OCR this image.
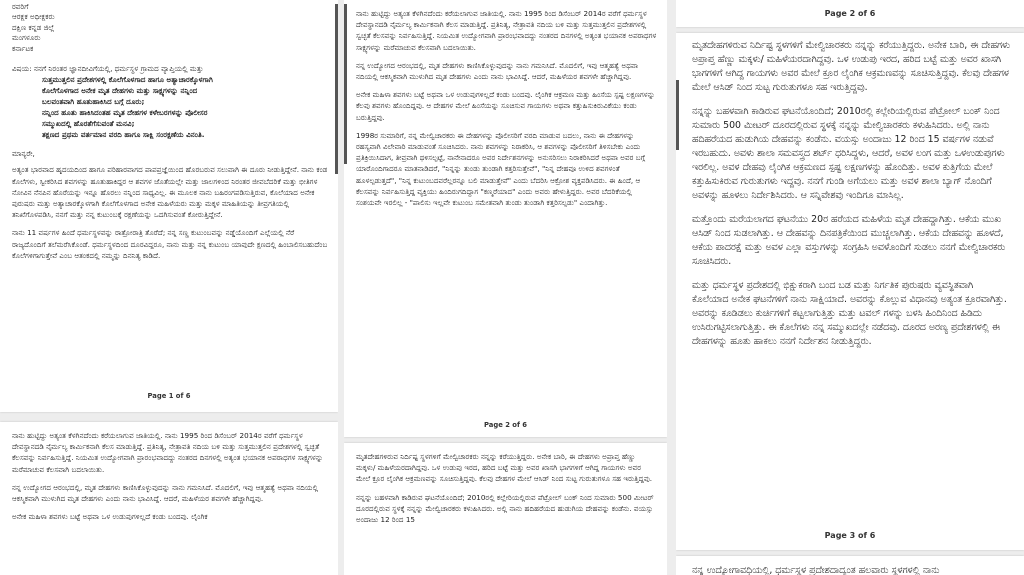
ರವರಿಗೆ
ಆರಕ್ಷಕ ಅಧೀಕ್ಷಕರು
ದಕ್ಷಿಣ ಕನ್ನಡ ಜಿಲ್ಲೆ
ಮಂಗಳೂರು
ಕರ್ನಾಟಕ
ವಿಷಯ: ನನಗೆ ನಿರಂತರ ಜ್ಞಾನದೀವಿಗೆಯಲ್ಲಿ, ಧರ್ಮಸ್ಥಳ ಗ್ರಾಮದ ವ್ಯಾಪ್ತಿಯಲ್ಲಿ ಮತ್ತು
ಸುತ್ತಮುತ್ತಲಿನ ಪ್ರದೇಶಗಳಲ್ಲಿ ಕೊಲೆಗೊಳಗಾದ ಹಾಗೂ ಅತ್ಯಾಚಾರಕ್ಕೊಳಗಾಗಿ
ಕೊಲೆಗೊಳಗಾದ ಅನೇಕ ಮೃತ ದೇಹಗಳು ಮತ್ತು ಸಾಕ್ಷ್ಯಗಳನ್ನು ನನ್ನಿಂದ
ಬಲವಂತವಾಗಿ ಹೂತುಹಾಕಿಸಿದ ಬಗ್ಗೆ ದೂರು;
ನನ್ನಿಂದ ಹೂತು ಹಾಕಿಸಿದಂತಹ ಮೃತ ದೇಹಗಳ ಕಳೇಬರಗಳನ್ನು ಪೊಲೀಸರ
ಸಮ್ಮುಖದಲ್ಲಿ ಹೊರತೆಗೆಸುವಂತೆ ಮನವಿ;
ತಕ್ಷಣದ ಪ್ರಥಮ ವರ್ತಮಾನ ವರದಿ ಹಾಗೂ ಸಾಕ್ಷಿ ಸಂರಕ್ಷಣೆಯ ವಿನಂತಿ.
ಮಾನ್ಯರೇ,

ಅತ್ಯಂತ ಭಾರವಾದ ಹೃದಯದಿಂದ ಹಾಗೂ ಪರಿಹಾರವಾಗದ ಪಾಪಪ್ರಜ್ಞೆಯಿಂದ ಹೊರಬರುವ ಸಲುವಾಗಿ ಈ ದೂರು ನೀಡುತ್ತಿದ್ದೇನೆ. ನಾನು ಕಂಡ ಕೊಲೆಗಳು, ಸ್ವೀಕರಿಸಿದ ಶವಗಳನ್ನು ಹೂತುಹಾಕಿದ್ದರ ಆ ಶವಗಳ ಜೊತೆಯಲ್ಲೇ ಮತ್ತು ಜಾಲಗಳಿಂದ ನಿರಂತರ ಜೀವಬೆದರಿಕೆ ಮತ್ತು ಭೀತಿಗಳ ನೋವಿನ ನೆನಪಿನ ಹೊರೆಯನ್ನು ಇನ್ನೂ ಹೊರಲು ನನ್ನಿಂದ ಸಾಧ್ಯವಿಲ್ಲ. ಈ ಮೂಲಕ ನಾನು ಬಹಿರಂಗಪಡಿಸುತ್ತಿರುವ, ಕೊಲೆಯಾದ ಅನೇಕ ಪುರುಷರು ಮತ್ತು ಅತ್ಯಾಚಾರಕ್ಕೊಳಗಾಗಿ ಕೊಲೆಗೊಳಗಾದ ಅನೇಕ ಮಹಿಳೆಯರು ಮತ್ತು ಮಕ್ಕಳ ಮಾಹಿತಿಯನ್ನು ತೀವ್ರಗತಿಯಲ್ಲಿ ತನಿಖೆಗೊಳಪಡಿಸಿ, ನನಗೆ ಮತ್ತು ನನ್ನ ಕುಟುಂಬಕ್ಕೆ ರಕ್ಷಣೆಯನ್ನು ಒದಗಿಸುವಂತೆ ಕೋರುತ್ತಿದ್ದೇನೆ.

ನಾನು 11 ವರ್ಷಗಳ ಹಿಂದೆ ಧರ್ಮಸ್ಥಳವನ್ನು ರಾತ್ರೋರಾತ್ರಿ ತೊರೆದೆ; ನನ್ನ ಸಣ್ಣ ಕುಟುಂಬವನ್ನು ನಡ್ಡೆಯೊಂದಿಗೆ ಎಲ್ಲೆಯಲ್ಲಿ ನೆರೆ ರಾಜ್ಯದೊಂದಿಗೆ ತಲೆಮರೆಸಿಕೊಂಡೆ. ಧರ್ಮಸ್ಥಳದಿಂದ ದೂರವಿದ್ದರೂ, ನಾನು ಮತ್ತು ನನ್ನ ಕುಟುಂಬ ಯಾವುದೇ ಕ್ಷಣದಲ್ಲಿ ಹಿಂಬಾಲಿಸಬಹುದೆಂಬ ಕೊಲೆಗಳಿಗಾಗುತ್ತೇವೆ ಎಂಬ ಆತಂಕದಲ್ಲಿ ನಮ್ಮನ್ನು ದಿನನಿತ್ಯ ಕಾಡಿದೆ.

Page 1 of 6

ನಾನು ಹುಟ್ಟಿದ್ದು ಅತ್ಯಂತ ಕೆಳಗಿನದೆಂದು ಕರೆಯಲಾಗುವ ಜಾತಿಯಲ್ಲಿ. ನಾನು 1995 ರಿಂದ ಡಿಸೆಂಬರ್ 2014ರ ವರೆಗೆ ಧರ್ಮಸ್ಥಳ ದೇವಸ್ಥಾನದಡಿ ನೈರ್ಮಲ್ಯ ಕಾರ್ಮಿಕನಾಗಿ ಕೆಲಸ ಮಾಡುತ್ತಿದ್ದೆ. ಪ್ರತಿನಿತ್ಯ, ನೇತ್ರಾವತಿ ನದಿಯ ಬಳಿ ಮತ್ತು ಸುತ್ತಮುತ್ತಲಿನ ಪ್ರದೇಶಗಳಲ್ಲಿ ಸ್ವಚ್ಛತೆ ಕೆಲಸವನ್ನು ನಿರ್ವಹಿಸುತ್ತಿದ್ದೆ. ನಿಯಮಿತ ಉದ್ಯೋಗವಾಗಿ ಪ್ರಾರಂಭವಾದದ್ದು ನಂತರದ ದಿನಗಳಲ್ಲಿ ಅತ್ಯಂತ ಭಯಾನಕ ಅಪರಾಧಗಳ ಸಾಕ್ಷ್ಯಗಳನ್ನು ಮರೆಮಾಚುವ ಕೆಲಸವಾಗಿ ಬದಲಾಯಿತು.

ನನ್ನ ಉದ್ಯೋಗದ ಆರಂಭದಲ್ಲಿ, ಮೃತ ದೇಹಗಳು ಕಾಣಿಸಿಕೊಳ್ಳುವುದನ್ನು ನಾನು ಗಮನಿಸಿದೆ. ಮೊದಲಿಗೆ, ಇವು ಆತ್ಮಹತ್ಯೆ ಅಥವಾ ನದಿಯಲ್ಲಿ ಆಕಸ್ಮಿಕವಾಗಿ ಮುಳುಗಿದ ಮೃತ ದೇಹಗಳು ಎಂದು ನಾನು ಭಾವಿಸಿದ್ದೆ. ಆದರೆ, ಮಹಿಳೆಯರ ಶವಗಳೇ ಹೆಚ್ಚಾಗಿದ್ದವು.

ಅನೇಕ ಮಹಿಳಾ ಶವಗಳು ಬಟ್ಟೆ ಅಥವಾ ಒಳ ಉಡುಪುಗಳಿಲ್ಲದೆ ಕಂಡು ಬಂದವು. ಲೈಂಗಿಕ

ನಾನು ಹುಟ್ಟಿದ್ದು ಅತ್ಯಂತ ಕೆಳಗಿನದೆಂದು ಕರೆಯಲಾಗುವ ಜಾತಿಯಲ್ಲಿ. ನಾನು 1995 ರಿಂದ ಡಿಸೆಂಬರ್ 2014ರ ವರೆಗೆ ಧರ್ಮಸ್ಥಳ ದೇವಸ್ಥಾನದಡಿ ನೈರ್ಮಲ್ಯ ಕಾರ್ಮಿಕನಾಗಿ ಕೆಲಸ ಮಾಡುತ್ತಿದ್ದೆ. ಪ್ರತಿನಿತ್ಯ, ನೇತ್ರಾವತಿ ನದಿಯ ಬಳಿ ಮತ್ತು ಸುತ್ತಮುತ್ತಲಿನ ಪ್ರದೇಶಗಳಲ್ಲಿ ಸ್ವಚ್ಛತೆ ಕೆಲಸವನ್ನು ನಿರ್ವಹಿಸುತ್ತಿದ್ದೆ. ನಿಯಮಿತ ಉದ್ಯೋಗವಾಗಿ ಪ್ರಾರಂಭವಾದದ್ದು ನಂತರದ ದಿನಗಳಲ್ಲಿ ಅತ್ಯಂತ ಭಯಾನಕ ಅಪರಾಧಗಳ ಸಾಕ್ಷ್ಯಗಳನ್ನು ಮರೆಮಾಚುವ ಕೆಲಸವಾಗಿ ಬದಲಾಯಿತು.

ನನ್ನ ಉದ್ಯೋಗದ ಆರಂಭದಲ್ಲಿ, ಮೃತ ದೇಹಗಳು ಕಾಣಿಸಿಕೊಳ್ಳುವುದನ್ನು ನಾನು ಗಮನಿಸಿದೆ. ಮೊದಲಿಗೆ, ಇವು ಆತ್ಮಹತ್ಯೆ ಅಥವಾ ನದಿಯಲ್ಲಿ ಆಕಸ್ಮಿಕವಾಗಿ ಮುಳುಗಿದ ಮೃತ ದೇಹಗಳು ಎಂದು ನಾನು ಭಾವಿಸಿದ್ದೆ. ಆದರೆ, ಮಹಿಳೆಯರ ಶವಗಳೇ ಹೆಚ್ಚಾಗಿದ್ದವು.

ಅನೇಕ ಮಹಿಳಾ ಶವಗಳು ಬಟ್ಟೆ ಅಥವಾ ಒಳ ಉಡುಪುಗಳಿಲ್ಲದೆ ಕಂಡು ಬಂದವು. ಲೈಂಗಿಕ ಆಕ್ರಮಣ ಮತ್ತು ಹಿಂಸೆಯ ಸ್ಪಷ್ಟ ಲಕ್ಷಣಗಳನ್ನು ಕೆಲವು ಶವಗಳು ಹೊಂದಿದ್ದವು. ಆ ದೇಹಗಳ ಮೇಲೆ ಹಿಂಸೆಯನ್ನು ಸೂಚಿಸುವ ಗಾಯಗಳು ಅಥವಾ ಕತ್ತುಹಿಸುಕಿರುವಿಕೆಯು ಕಂಡು ಬರುತ್ತಿದ್ದವು.

1998ರ ಸುಮಾರಿಗೆ, ನನ್ನ ಮೇಲ್ವಿಚಾರಕರು ಈ ದೇಹಗಳನ್ನು ಪೊಲೀಸರಿಗೆ ವರದಿ ಮಾಡುವ ಬದಲು, ನಾನು ಈ ದೇಹಗಳನ್ನು ರಹಸ್ಯವಾಗಿ ವಿಲೇವಾರಿ ಮಾಡುವಂತೆ ಸೂಚಿಸಿದರು. ನಾನು ಶವಗಳನ್ನು ನಿರಾಕರಿಸಿ, ಆ ಶವಗಳನ್ನು ಪೊಲೀಸರಿಗೆ ತಿಳಿಸಬೇಕು ಎಂದು ಪ್ರತಿಕ್ರಿಯಿಸಿದಾಗ, ತೀವ್ರವಾಗಿ ಥಳಿಸಲ್ಪಟ್ಟೆ, ನಾನೇನಾದರೂ ಅವರ ನಿರ್ದೇಶನಗಳನ್ನು ಅನುಸರಿಸಲು ನಿರಾಕರಿಸಿದರೆ ಅಥವಾ ಅವರ ಬಗ್ಗೆ ಯಾರೊಂದಿಗಾದರೂ ಮಾತನಾಡಿದರೆ, "ನಿನ್ನನ್ನು ತುಂಡು ತುಂಡಾಗಿ ಕತ್ತರಿಸುತ್ತೇವೆ", "ನಿನ್ನ ದೇಹವೂ ಉಳಿದ ಶವಗಳಂತೆ ಹೂಳಲ್ಪಡುತ್ತದೆ", "ನಿನ್ನ ಕುಟುಂಬದವರೆಲ್ಲರನ್ನೂ ಬಲಿ ಮಾಡುತ್ತೇವೆ" ಎಂದು ಬೆದರಿಸಿ ಆಕ್ರೋಶ ವ್ಯಕ್ತಪಡಿಸಿದರು. ಈ ಹಿಂದೆ, ಆ ಕೆಲಸವನ್ನು ನಿರ್ವಹಿಸುತ್ತಿದ್ದ ವ್ಯಕ್ತಿಯು ಹಿಂದಿರುಗದಿದ್ದಾಗ "ಕಣ್ಮರೆಯಾದ" ಎಂದು ಅವರು ಹೇಳುತ್ತಿದ್ದರು. ಅವರ ಬೆದರಿಕೆಯಲ್ಲಿ ಸಂಶಯವೇ ಇರಲಿಲ್ಲ - "ಪಾಲಿಸು ಇಲ್ಲವೇ ಕುಟುಂಬ ಸಮೇತವಾಗಿ ತುಂಡು ತುಂಡಾಗಿ ಕತ್ತರಿಸಲ್ಪಡು" ಎಂದಾಗಿತ್ತು.

Page 2 of 6

ಮೃತದೇಹಗಳಿರುವ ನಿರ್ದಿಷ್ಟ ಸ್ಥಳಗಳಿಗೆ ಮೇಲ್ವಿಚಾರಕರು ನನ್ನನ್ನು ಕರೆಯುತ್ತಿದ್ದರು. ಅನೇಕ ಬಾರಿ, ಈ ದೇಹಗಳು ಅಪ್ರಾಪ್ತ ಹೆಣ್ಣು ಮಕ್ಕಳು/ ಮಹಿಳೆಯರದಾಗಿದ್ದವು. ಒಳ ಉಡುಪು ಇರದ, ಹರಿದ ಬಟ್ಟೆ ಮತ್ತು ಅವರ ಖಾಸಗಿ ಭಾಗಗಳಿಗೆ ಆಗಿದ್ದ ಗಾಯಗಳು ಅವರ ಮೇಲೆ ಕ್ರೂರ ಲೈಂಗಿಕ ಆಕ್ರಮಣವನ್ನು ಸೂಚಿಸುತ್ತಿದ್ದವು. ಕೆಲವು ದೇಹಗಳ ಮೇಲೆ ಆಸಿಡ್ ನಿಂದ ಸುಟ್ಟ ಗುರುತುಗಳೂ ಸಹ ಇರುತ್ತಿದ್ದವು.

ನನ್ನನ್ನು ಬಹಳವಾಗಿ ಕಾಡಿರುವ ಘಟನೆಯೊಂದಿದೆ; 2010ರಲ್ಲಿ ಕಲ್ಲೇರಿಯಲ್ಲಿರುವ ಪೆಟ್ರೋಲ್ ಬಂಕ್ ನಿಂದ ಸುಮಾರು 500 ಮೀಟರ್ ದೂರದಲ್ಲಿರುವ ಸ್ಥಳಕ್ಕೆ ನನ್ನನ್ನು ಮೇಲ್ವಿಚಾರಕರು ಕಳುಹಿಸಿದರು. ಅಲ್ಲಿ ನಾನು ಹದಿಹರೆಯದ ಹುಡುಗಿಯ ದೇಹವನ್ನು ಕಂಡೆನು. ವಯಸ್ಸು ಅಂದಾಜು 12 ರಿಂದ 15

Page 2 of 6

ಮೃತದೇಹಗಳಿರುವ ನಿರ್ದಿಷ್ಟ ಸ್ಥಳಗಳಿಗೆ ಮೇಲ್ವಿಚಾರಕರು ನನ್ನನ್ನು ಕರೆಯುತ್ತಿದ್ದರು. ಅನೇಕ ಬಾರಿ, ಈ ದೇಹಗಳು ಅಪ್ರಾಪ್ತ ಹೆಣ್ಣು ಮಕ್ಕಳು/ ಮಹಿಳೆಯರದಾಗಿದ್ದವು. ಒಳ ಉಡುಪು ಇರದ, ಹರಿದ ಬಟ್ಟೆ ಮತ್ತು ಅವರ ಖಾಸಗಿ ಭಾಗಗಳಿಗೆ ಆಗಿದ್ದ ಗಾಯಗಳು ಅವರ ಮೇಲೆ ಕ್ರೂರ ಲೈಂಗಿಕ ಆಕ್ರಮಣವನ್ನು ಸೂಚಿಸುತ್ತಿದ್ದವು. ಕೆಲವು ದೇಹಗಳ ಮೇಲೆ ಆಸಿಡ್ ನಿಂದ ಸುಟ್ಟ ಗುರುತುಗಳೂ ಸಹ ಇರುತ್ತಿದ್ದವು.

ನನ್ನನ್ನು ಬಹಳವಾಗಿ ಕಾಡಿರುವ ಘಟನೆಯೊಂದಿದೆ; 2010ರಲ್ಲಿ ಕಲ್ಲೇರಿಯಲ್ಲಿರುವ ಪೆಟ್ರೋಲ್ ಬಂಕ್ ನಿಂದ ಸುಮಾರು 500 ಮೀಟರ್ ದೂರದಲ್ಲಿರುವ ಸ್ಥಳಕ್ಕೆ ನನ್ನನ್ನು ಮೇಲ್ವಿಚಾರಕರು ಕಳುಹಿಸಿದರು. ಅಲ್ಲಿ ನಾನು ಹದಿಹರೆಯದ ಹುಡುಗಿಯ ದೇಹವನ್ನು ಕಂಡೆನು. ವಯಸ್ಸು ಅಂದಾಜು 12 ರಿಂದ 15 ವರ್ಷಗಳ ನಡುವೆ ಇರಬಹುದು. ಅವಳು ಶಾಲಾ ಸಮವಸ್ತ್ರದ ಶರ್ಟ್ ಧರಿಸಿದ್ದಳು, ಆದರೆ, ಅವಳ ಲಂಗ ಮತ್ತು ಒಳಉಡುಪುಗಳು ಇರಲಿಲ್ಲ. ಅವಳ ದೇಹವು ಲೈಂಗಿಕ ಆಕ್ರಮಣದ ಸ್ಪಷ್ಟ ಲಕ್ಷಣಗಳನ್ನು ಹೊಂದಿತ್ತು. ಅವಳ ಕುತ್ತಿಗೆಯ ಮೇಲೆ ಕತ್ತುಹಿಸುಕಿರುವ ಗುರುತುಗಳು ಇದ್ದವು. ನನಗೆ ಗುಂಡಿ ಅಗೆಯಲು ಮತ್ತು ಅವಳ ಶಾಲಾ ಬ್ಯಾಗ್ ನೊಂದಿಗೆ ಅವಳನ್ನು ಹೂಳಲು ನಿರ್ದೇಶಿಸಿದರು. ಆ ಸನ್ನಿವೇಶವು ಇಂದಿಗೂ ಮಾಸಿಲ್ಲ.

ಮತ್ತೊಂದು ಮರೆಯಲಾಗದ ಘಟನೆಯು 20ರ ಹರೆಯದ ಮಹಿಳೆಯ ಮೃತ ದೇಹದ್ದಾಗಿತ್ತು. ಆಕೆಯ ಮುಖ ಆಸಿಡ್ ನಿಂದ ಸುಡಲಾಗಿತ್ತು. ಆ ದೇಹವನ್ನು ದಿನಪತ್ರಿಕೆಯಿಂದ ಮುಚ್ಚಲಾಗಿತ್ತು. ಆಕೆಯ ದೇಹವನ್ನು ಹೂಳದೆ, ಆಕೆಯ ಪಾದರಕ್ಷೆ ಮತ್ತು ಅವಳ ಎಲ್ಲಾ ವಸ್ತುಗಳನ್ನು ಸಂಗ್ರಹಿಸಿ ಅವಳೊಂದಿಗೆ ಸುಡಲು ನನಗೆ ಮೇಲ್ವಿಚಾರಕರು ಸೂಚಿಸಿದರು.

ಮತ್ತು ಧರ್ಮಸ್ಥಳ ಪ್ರದೇಶದಲ್ಲಿ ಭಿಕ್ಷುಕರಾಗಿ ಬಂದ ಬಡ ಮತ್ತು ನಿರ್ಗತಿಕ ಪುರುಷರು ವ್ಯವಸ್ಥಿತವಾಗಿ ಕೊಲೆಯಾದ ಅನೇಕ ಘಟನೆಗಳಿಗೆ ನಾನು ಸಾಕ್ಷಿಯಾದೆ. ಅವರನ್ನು ಕೊಲ್ಲುವ ವಿಧಾನವು ಅತ್ಯಂತ ಕ್ರೂರವಾಗಿತ್ತು. ಅವರನ್ನು ಕೂಡಿಡಲು ಕುರ್ಚಿಗಳಿಗೆ ಕಟ್ಟಲಾಗುತ್ತಿತ್ತು ಮತ್ತು ಟವಲ್ ಗಳನ್ನು ಬಳಸಿ ಹಿಂದಿನಿಂದ ಹಿಡಿದು ಉಸಿರುಗಟ್ಟಿಸಲಾಗುತ್ತಿತ್ತು. ಈ ಕೊಲೆಗಳು ನನ್ನ ಸಮ್ಮುಖದಲ್ಲೇ ನಡೆದವು. ದೂರದ ಅರಣ್ಯ ಪ್ರದೇಶಗಳಲ್ಲಿ ಈ ದೇಹಗಳನ್ನು ಹೂತು ಹಾಕಲು ನನಗೆ ನಿರ್ದೇಶನ ನೀಡುತ್ತಿದ್ದರು.

Page 3 of 6

ನನ್ನ ಉದ್ಯೋಗಾವಧಿಯಲ್ಲಿ, ಧರ್ಮಸ್ಥಳ ಪ್ರದೇಶದಾದ್ಯಂತ ಹಲವಾರು ಸ್ಥಳಗಳಲ್ಲಿ ನಾನು
